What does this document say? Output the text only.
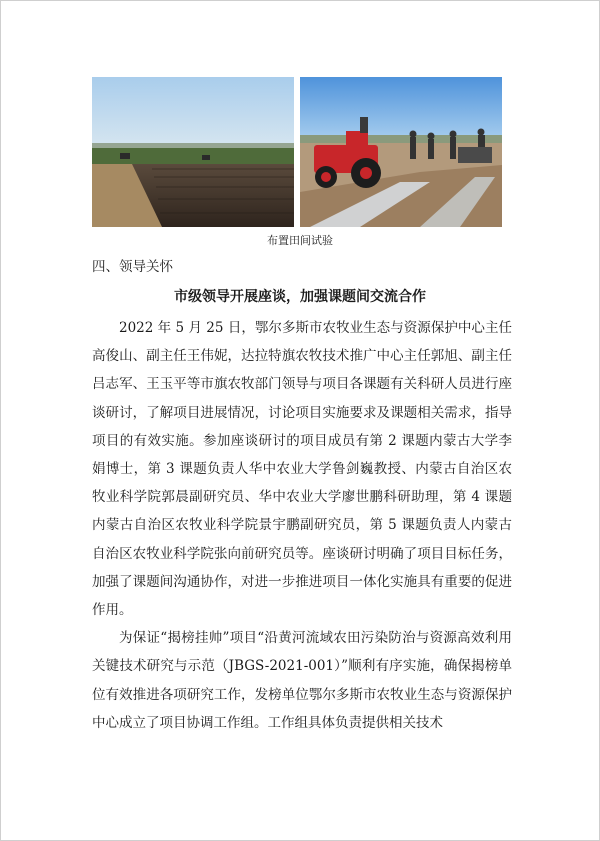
布置田间试验
四、领导关怀
市级领导开展座谈，加强课题间交流合作

2022 年 5 月 25 日，鄂尔多斯市农牧业生态与资源保护中心主任高俊山、副主任王伟妮，达拉特旗农牧技术推广中心主任郭旭、副主任吕志军、王玉平等市旗农牧部门领导与项目各课题有关科研人员进行座谈研讨，了解项目进展情况，讨论项目实施要求及课题相关需求，指导项目的有效实施。参加座谈研讨的项目成员有第 2 课题内蒙古大学李娟博士，第 3 课题负责人华中农业大学鲁剑巍教授、内蒙古自治区农牧业科学院郭晨副研究员、华中农业大学廖世鹏科研助理，第 4 课题内蒙古自治区农牧业科学院景宇鹏副研究员，第 5 课题负责人内蒙古自治区农牧业科学院张向前研究员等。座谈研讨明确了项目目标任务，加强了课题间沟通协作，对进一步推进项目一体化实施具有重要的促进作用。

为保证“揭榜挂帅”项目“沿黄河流域农田污染防治与资源高效利用关键技术研究与示范（JBGS-2021-001）”顺利有序实施，确保揭榜单位有效推进各项研究工作，发榜单位鄂尔多斯市农牧业生态与资源保护中心成立了项目协调工作组。工作组具体负责提供相关技术
